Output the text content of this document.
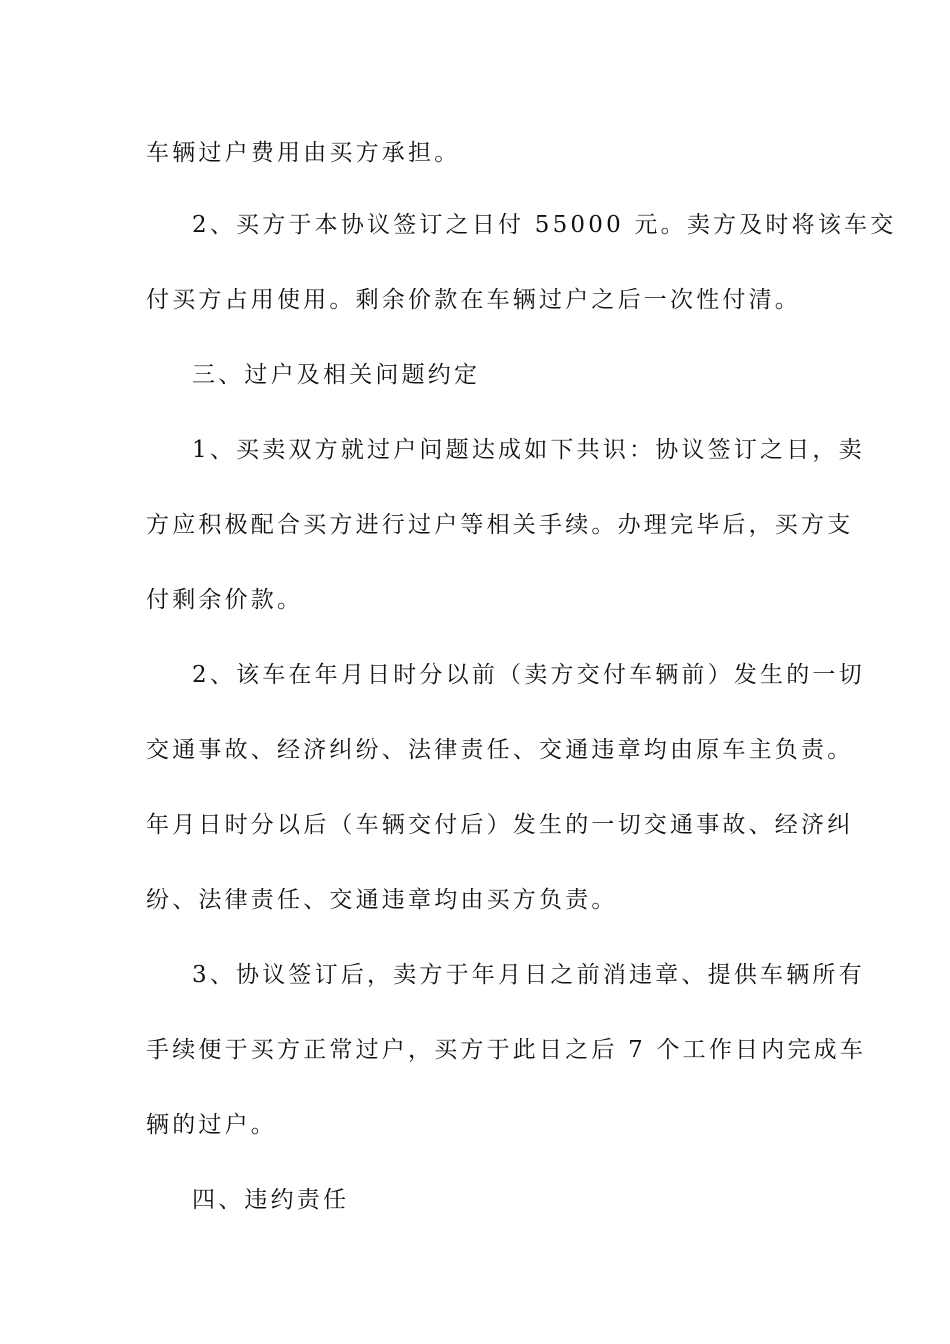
车辆过户费用由买方承担。
2、买方于本协议签订之日付 55000 元。卖方及时将该车交
付买方占用使用。剩余价款在车辆过户之后一次性付清。
三、过户及相关问题约定
1、买卖双方就过户问题达成如下共识：协议签订之日，卖
方应积极配合买方进行过户等相关手续。办理完毕后，买方支
付剩余价款。
2、该车在年月日时分以前（卖方交付车辆前）发生的一切
交通事故、经济纠纷、法律责任、交通违章均由原车主负责。
年月日时分以后（车辆交付后）发生的一切交通事故、经济纠
纷、法律责任、交通违章均由买方负责。
3、协议签订后，卖方于年月日之前消违章、提供车辆所有
手续便于买方正常过户，买方于此日之后 7 个工作日内完成车
辆的过户。
四、违约责任
